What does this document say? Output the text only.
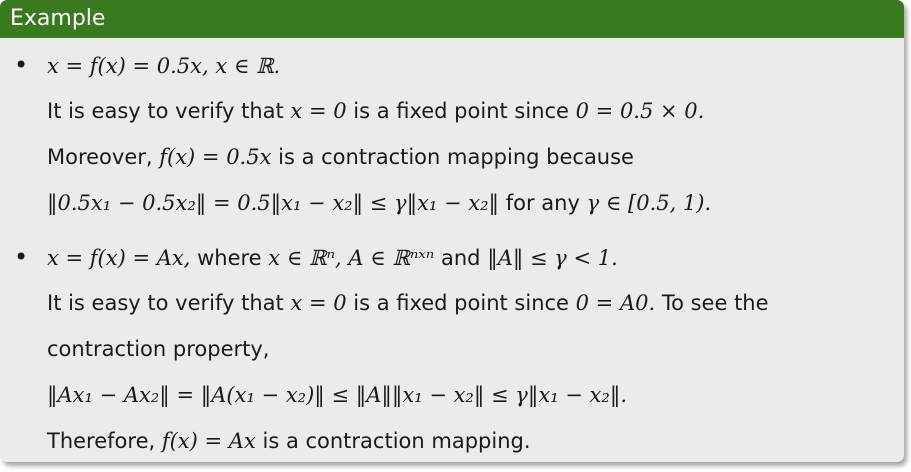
Example
• x = f(x) = 0.5x, x ∈ ℝ.
It is easy to verify that x = 0 is a fixed point since 0 = 0.5 × 0.
Moreover, f(x) = 0.5x is a contraction mapping because
‖0.5x₁ − 0.5x₂‖ = 0.5‖x₁ − x₂‖ ≤ γ‖x₁ − x₂‖ for any γ ∈ [0.5, 1).
• x = f(x) = Ax, where x ∈ ℝⁿ, A ∈ ℝⁿˣⁿ and ‖A‖ ≤ γ < 1.
It is easy to verify that x = 0 is a fixed point since 0 = A0. To see the
contraction property,
‖Ax₁ − Ax₂‖ = ‖A(x₁ − x₂)‖ ≤ ‖A‖‖x₁ − x₂‖ ≤ γ‖x₁ − x₂‖.
Therefore, f(x) = Ax is a contraction mapping.
